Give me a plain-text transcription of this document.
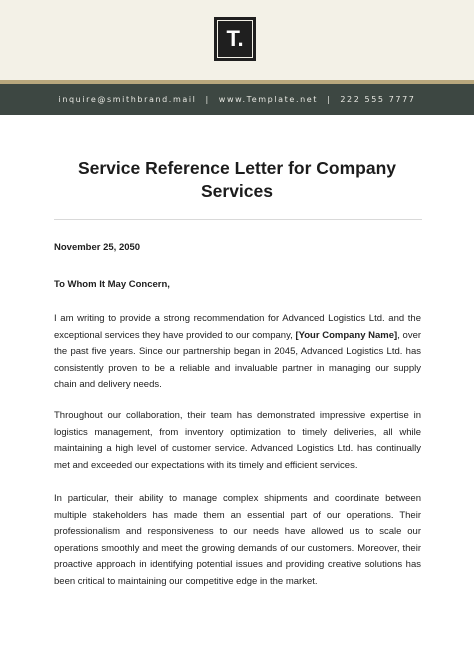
T.
inquire@smithbrand.mail | www.Template.net | 222 555 7777
Service Reference Letter for Company Services
November 25, 2050
To Whom It May Concern,
I am writing to provide a strong recommendation for Advanced Logistics Ltd. and the exceptional services they have provided to our company, [Your Company Name], over the past five years. Since our partnership began in 2045, Advanced Logistics Ltd. has consistently proven to be a reliable and invaluable partner in managing our supply chain and delivery needs.
Throughout our collaboration, their team has demonstrated impressive expertise in logistics management, from inventory optimization to timely deliveries, all while maintaining a high level of customer service. Advanced Logistics Ltd. has continually met and exceeded our expectations with its timely and efficient services.
In particular, their ability to manage complex shipments and coordinate between multiple stakeholders has made them an essential part of our operations. Their professionalism and responsiveness to our needs have allowed us to scale our operations smoothly and meet the growing demands of our customers. Moreover, their proactive approach in identifying potential issues and providing creative solutions has been critical to maintaining our competitive edge in the market.
